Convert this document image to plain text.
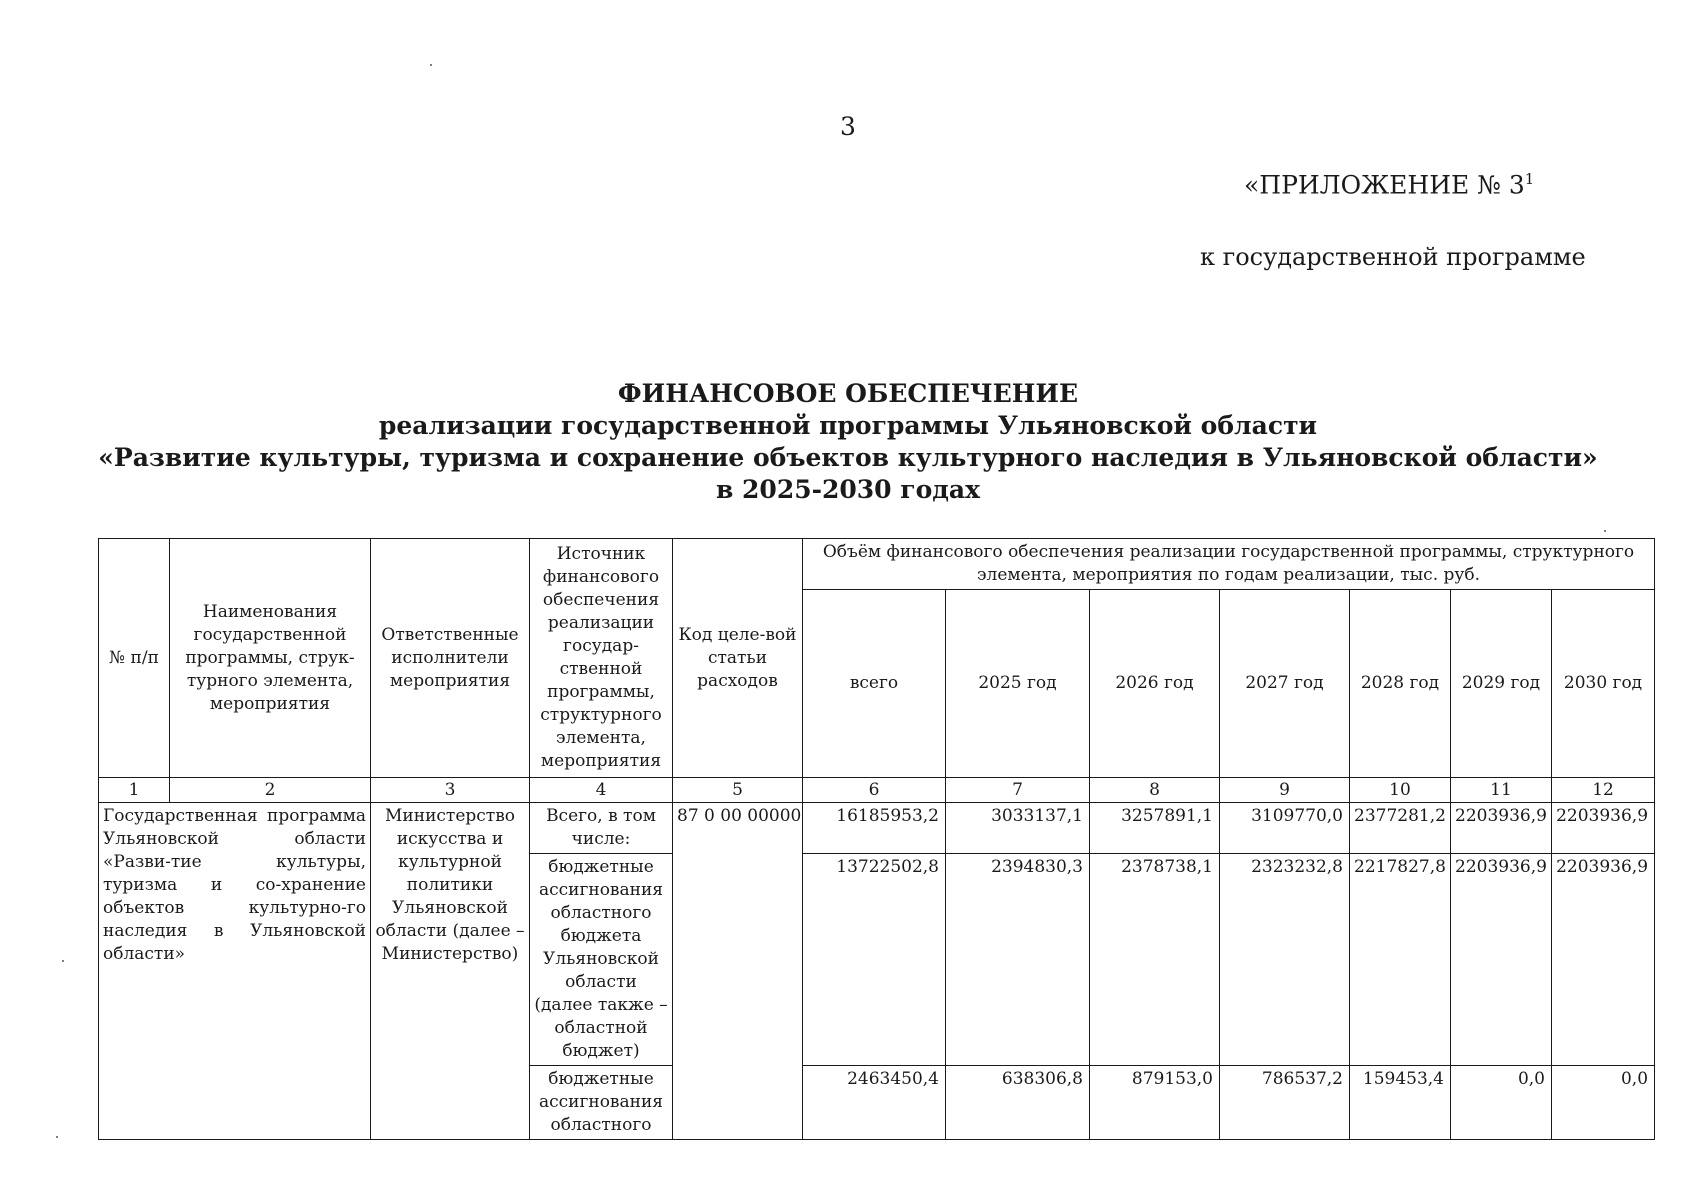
3
«ПРИЛОЖЕНИЕ № $3^1$
к государственной программе
ФИНАНСОВОЕ ОБЕСПЕЧЕНИЕ
реализации государственной программы Ульяновской области
«Развитие культуры, туризма и сохранение объектов культурного наследия в Ульяновской области»
в 2025-2030 годах
№ п/п	Наименования государственной программы, струк-турного элемента, мероприятия	Ответственные исполнители мероприятия	Источник финансового обеспечения реализации государ-ственной программы, структурного элемента, мероприятия	Код целе-вой статьи расходов	Объём финансового обеспечения реализации государственной программы, структурного элемента, мероприятия по годам реализации, тыс. руб.						
					всего	2025 год	2026 год	2027 год	2028 год	2029 год	2030 год
1	2	3	4	5	6	7	8	9	10	11	12
Государственная программа Ульяновской области «Разви-тие культуры, туризма и со-хранение объектов культурно-го наследия в Ульяновской области»		Министерство искусства и культурной политики Ульяновской области (далее – Министерство)	Всего, в том числе:	87 0 00 00000	16185953,2	3033137,1	3257891,1	3109770,0	2377281,2	2203936,9	2203936,9
			бюджетные ассигнования областного бюджета Ульяновской области (далее также – областной бюджет)		13722502,8	2394830,3	2378738,1	2323232,8	2217827,8	2203936,9	2203936,9
			бюджетные ассигнования областного		2463450,4	638306,8	879153,0	786537,2	159453,4	0,0	0,0
